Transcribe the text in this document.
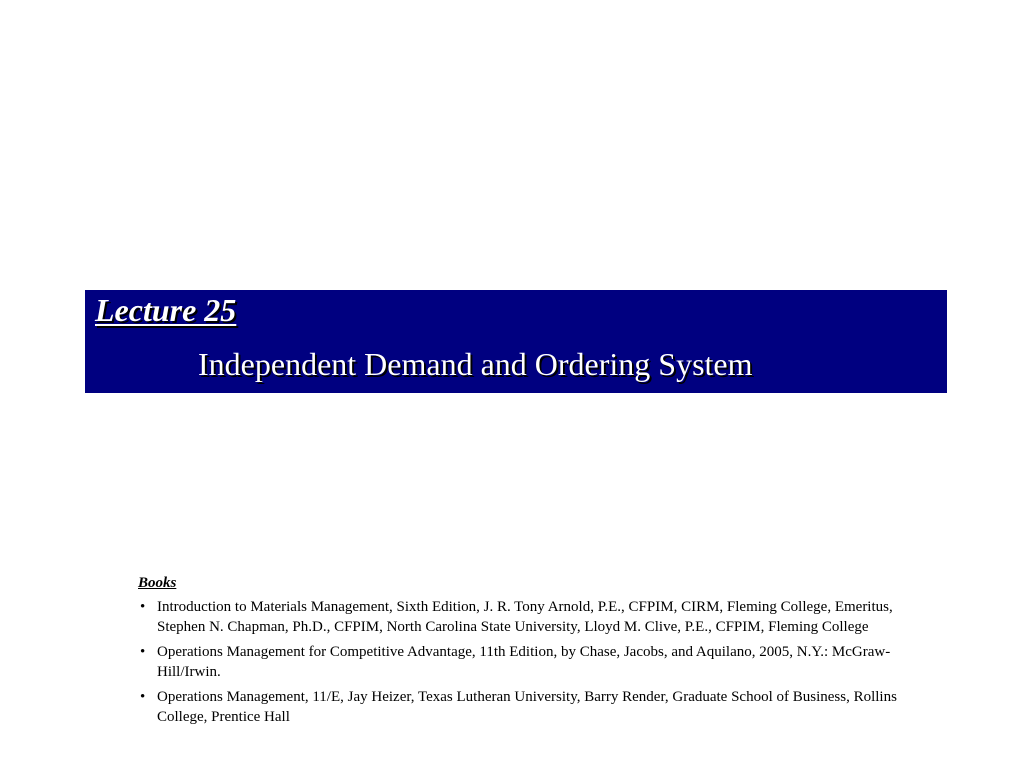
Lecture 25
Independent Demand and Ordering System
Books
• Introduction to Materials Management, Sixth Edition, J. R. Tony Arnold, P.E., CFPIM, CIRM, Fleming College, Emeritus, Stephen N. Chapman, Ph.D., CFPIM, North Carolina State University, Lloyd M. Clive, P.E., CFPIM, Fleming College
• Operations Management for Competitive Advantage, 11th Edition, by Chase, Jacobs, and Aquilano, 2005, N.Y.: McGraw-Hill/Irwin.
• Operations Management, 11/E, Jay Heizer, Texas Lutheran University, Barry Render, Graduate School of Business, Rollins College, Prentice Hall
